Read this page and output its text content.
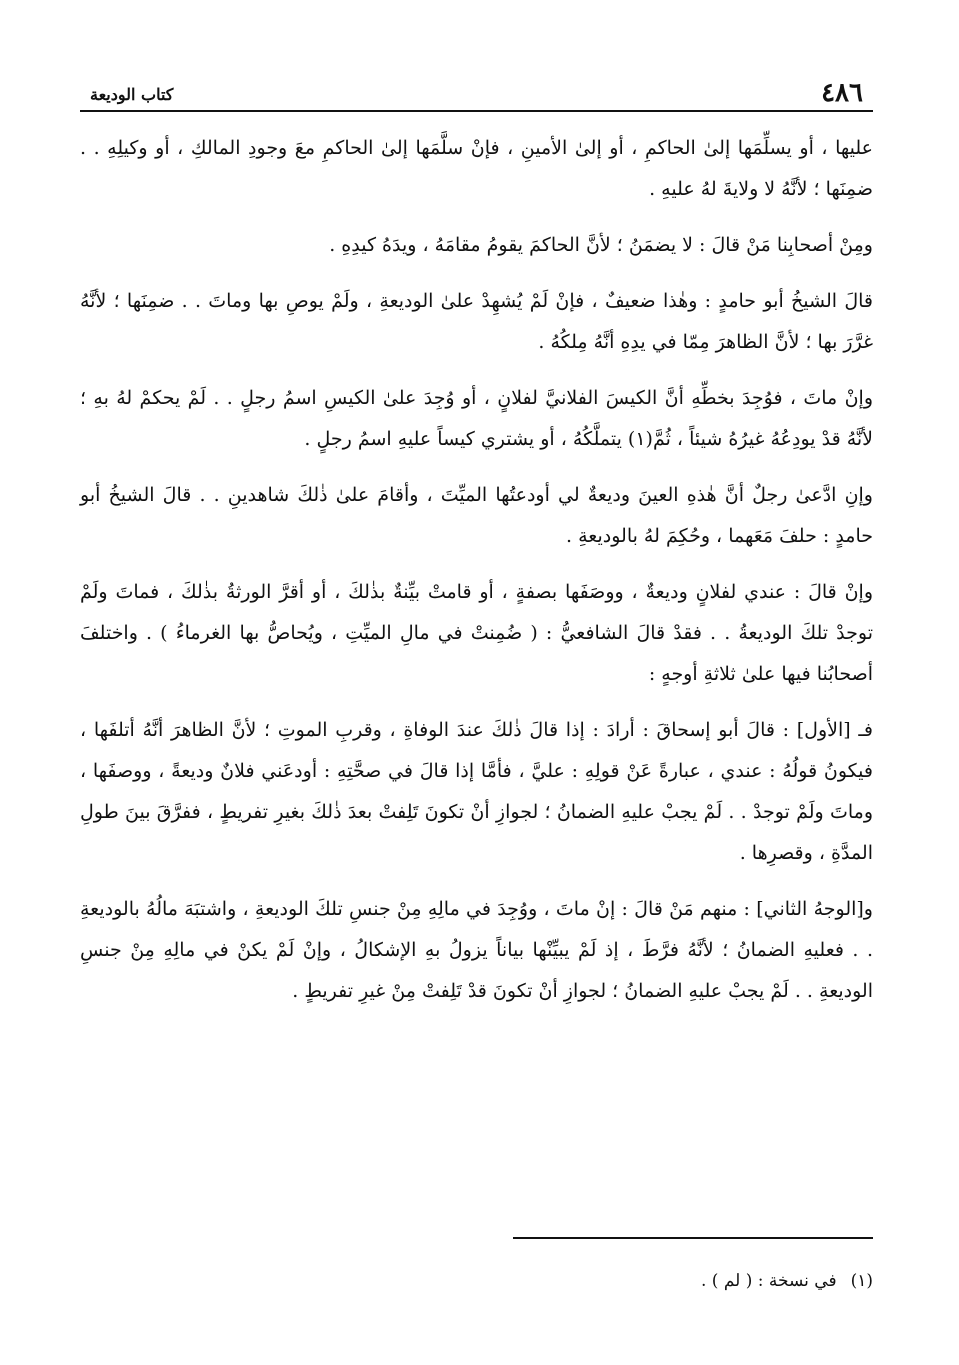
٤٨٦
كتاب الوديعة

عليها ، أو يسلِّمَها إلىٰ الحاكمِ ، أو إلىٰ الأمينِ ، فإنْ سلَّمَها إلىٰ الحاكمِ معَ وجودِ المالكِ ، أو وكيلِهِ . . ضمِنَها ؛ لأنَّهُ لا ولايةَ لهُ عليهِ .

ومِنْ أصحابِنا مَنْ قالَ : لا يضمَنُ ؛ لأنَّ الحاكمَ يقومُ مقامَهُ ، ويدَهُ كيدِهِ .

قالَ الشيخُ أبو حامدٍ : وهٰذا ضعيفٌ ، فإنْ لَمْ يُشهِدْ علىٰ الوديعةِ ، ولَمْ يوصِ بها وماتَ . . ضمِنَها ؛ لأنَّهُ غرَّرَ بها ؛ لأنَّ الظاهرَ مِمّا في يدِهِ أنَّهُ مِلكُهُ .

وإنْ ماتَ ، فوُجِدَ بخطِّهِ أنَّ الكيسَ الفلانيَّ لفلانٍ ، أو وُجِدَ علىٰ الكيسِ اسمُ رجلٍ . . لَمْ يحكمْ لهُ بهِ ؛ لأنَّهُ قدْ يودِعُهُ غيرُهُ شيئاً ، ثُمَّ(١) يتملَّكُهُ ، أو يشتري كيساً عليهِ اسمُ رجلٍ .

وإنِ ادَّعىٰ رجلٌ أنَّ هٰذهِ العينَ وديعةٌ لي أودعتُها الميِّتَ ، وأقامَ علىٰ ذٰلكَ شاهدينِ . . قالَ الشيخُ أبو حامدٍ : حلفَ مَعَهما ، وحُكِمَ لهُ بالوديعةِ .

وإنْ قالَ : عندي لفلانٍ وديعةٌ ، ووصَفَها بصفةٍ ، أو قامتْ بيِّنةٌ بذٰلكَ ، أو أقرَّ الورثةُ بذٰلكَ ، فماتَ ولَمْ توجدْ تلكَ الوديعةُ . . فقدْ قالَ الشافعيُّ : ( ضُمِنتْ في مالِ الميِّتِ ، ويُحاصُّ بها الغرماءُ ) . واختلفَ أصحابُنا فيها علىٰ ثلاثةِ أوجهٍ :

فـ [الأول] : قالَ أبو إسحاقَ : أرادَ : إذا قالَ ذٰلكَ عندَ الوفاةِ ، وقربِ الموتِ ؛ لأنَّ الظاهرَ أنَّهُ أتلفَها ، فيكونُ قولُهُ : عندي ، عبارةً عَنْ قولِهِ : عليَّ ، فأمَّا إذا قالَ في صحَّتِهِ : أودعَني فلانٌ وديعةً ، ووصفَها ، وماتَ ولَمْ توجدْ . . لَمْ يجبْ عليهِ الضمانُ ؛ لجوازِ أنْ تكونَ تَلِفتْ بعدَ ذٰلكَ بغيرِ تفريطٍ ، ففرَّقَ بينَ طولِ المدَّةِ ، وقصرِها .

و[الوجهُ الثاني] : منهم مَنْ قالَ : إنْ ماتَ ، ووُجِدَ في مالِهِ مِنْ جنسِ تلكَ الوديعةِ ، واشتبَهَ مالُهُ بالوديعةِ . . فعليهِ الضمانُ ؛ لأنَّهُ فرَّطَ ، إذ لَمْ يبيِّنْها بياناً يزولُ بهِ الإشكالُ ، وإنْ لَمْ يكنْ في مالِهِ مِنْ جنسِ الوديعةِ . . لَمْ يجبْ عليهِ الضمانُ ؛ لجوازِ أنْ تكونَ قدْ تَلِفتْ مِنْ غيرِ تفريطٍ .

(١)في نسخة : ( لم ) .
